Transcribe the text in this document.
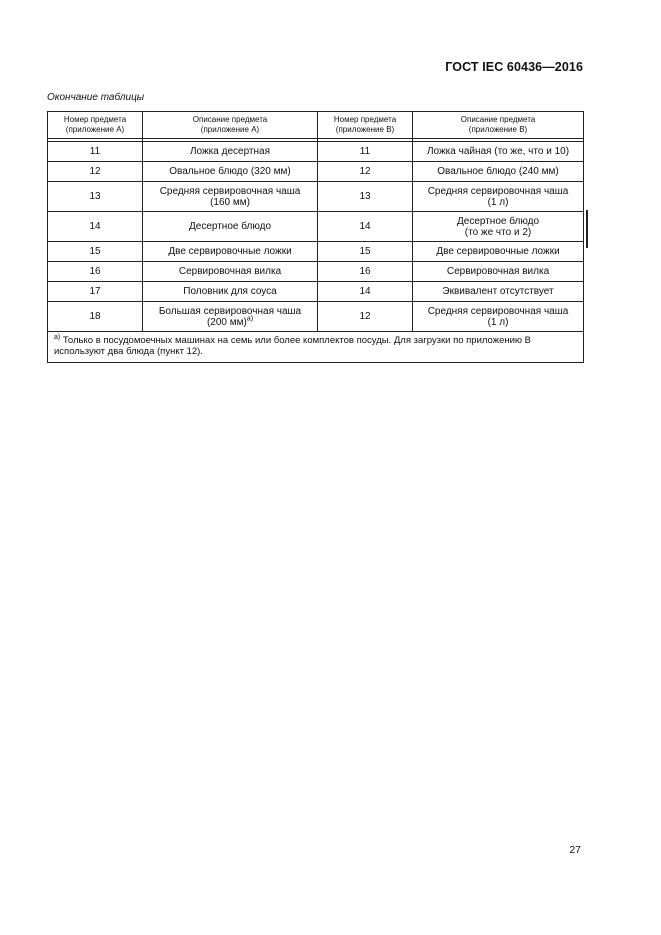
ГОСТ IEC 60436—2016
Окончание таблицы
Номер предмета
(приложение А)	Описание предмета
(приложение А)	Номер предмета
(приложение В)	Описание предмета
(приложение В)

11	Ложка десертная	11	Ложка чайная (то же, что и 10)
12	Овальное блюдо (320 мм)	12	Овальное блюдо (240 мм)
13	Средняя сервировочная чаша
(160 мм)	13	Средняя сервировочная чаша
(1 л)
14	Десертное блюдо	14	Десертное блюдо
(то же что и 2)
15	Две сервировочные ложки	15	Две сервировочные ложки
16	Сервировочная вилка	16	Сервировочная вилка
17	Половник для соуса	14	Эквивалент отсутствует
18	Большая сервировочная чаша
(200 мм)$^{a)}$	12	Средняя сервировочная чаша
(1 л)
$^{a)}$ Только в посудомоечных машинах на семь или более комплектов посуды. Для загрузки по приложению В используют два блюда (пункт 12).			
27
